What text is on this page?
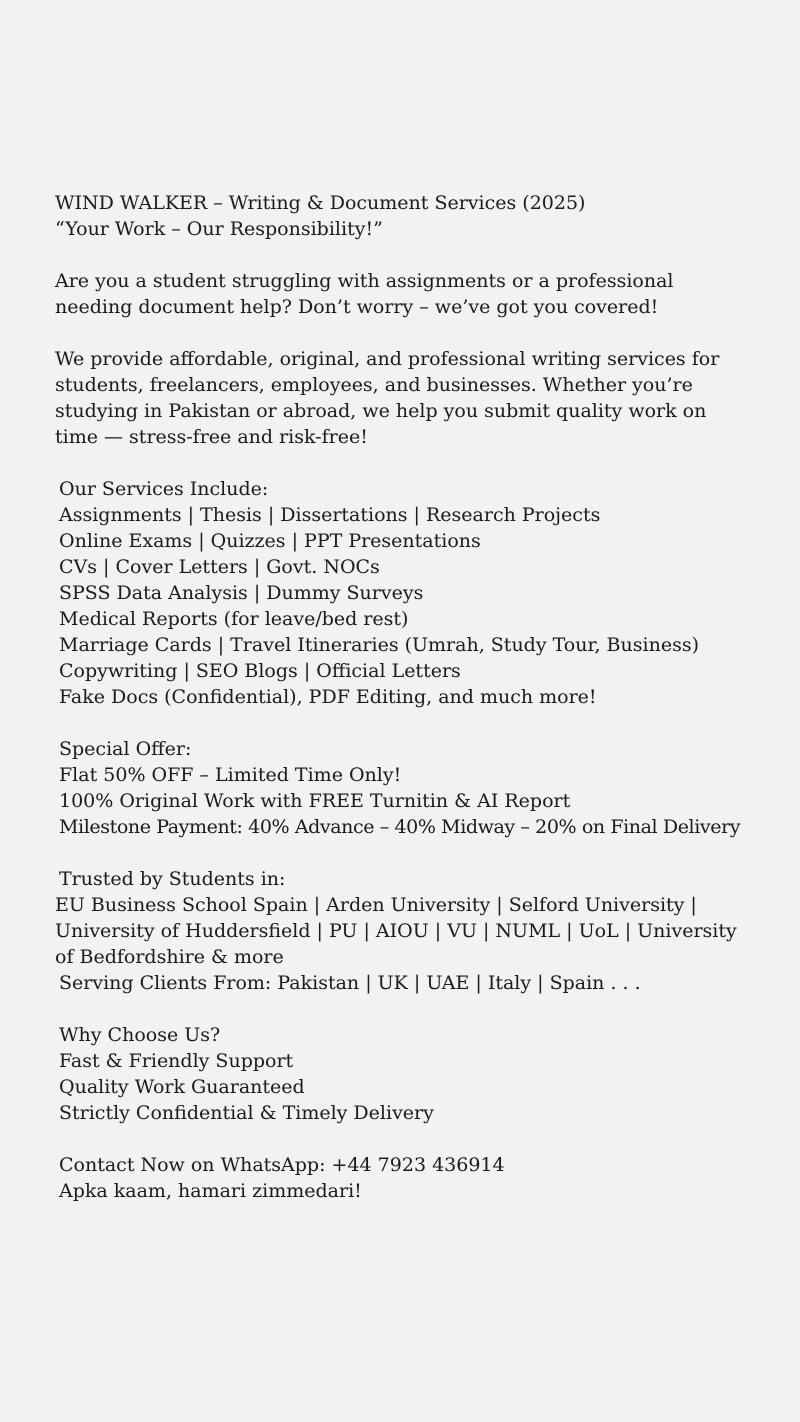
WIND WALKER – Writing & Document Services (2025)
“Your Work – Our Responsibility!”
Are you a student struggling with assignments or a professional needing document help? Don’t worry – we’ve got you covered!
We provide affordable, original, and professional writing services for students, freelancers, employees, and businesses. Whether you’re studying in Pakistan or abroad, we help you submit quality work on time — stress-free and risk-free!
Our Services Include:
Assignments | Thesis | Dissertations | Research Projects
Online Exams | Quizzes | PPT Presentations
CVs | Cover Letters | Govt. NOCs
SPSS Data Analysis | Dummy Surveys
Medical Reports (for leave/bed rest)
Marriage Cards | Travel Itineraries (Umrah, Study Tour, Business)
Copywriting | SEO Blogs | Official Letters
Fake Docs (Confidential), PDF Editing, and much more!
Special Offer:
Flat 50% OFF – Limited Time Only!
100% Original Work with FREE Turnitin & AI Report
Milestone Payment: 40% Advance – 40% Midway – 20% on Final Delivery
Trusted by Students in:
EU Business School Spain | Arden University | Selford University | University of Huddersfield | PU | AIOU | VU | NUML | UoL | University of Bedfordshire & more
Serving Clients From: Pakistan | UK | UAE | Italy | Spain . . .
Why Choose Us?
Fast & Friendly Support
Quality Work Guaranteed
Strictly Confidential & Timely Delivery
Contact Now on WhatsApp: +44 7923 436914
Apka kaam, hamari zimmedari!
